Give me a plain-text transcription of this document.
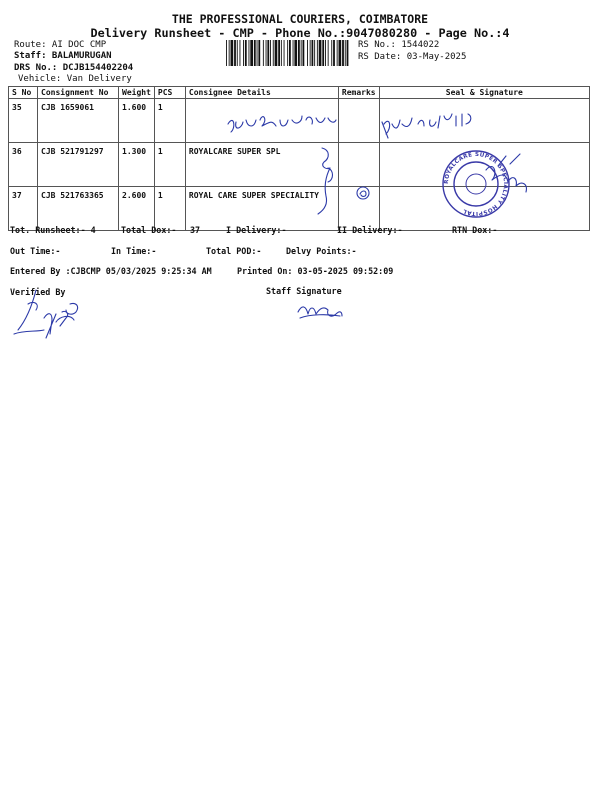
THE PROFESSIONAL COURIERS, COIMBATORE
Delivery Runsheet - CMP - Phone No.:9047080280 - Page No.:4
Route: AI DOC CMP
Staff: BALAMURUGAN
DRS No.: DCJB154402204
Vehicle: Van Delivery
RS No.: 1544022
RS Date: 03-May-2025
S No	Consignment No	Weight	PCS	Consignee Details	Remarks	Seal & Signature
35	CJB 1659061	1.600	1			
36	CJB 521791297	1.300	1	ROYALCARE SUPER SPL		
37	CJB 521763365	2.600	1	ROYAL CARE SUPER SPECIALITY		
Tot. Runsheet:- 4	Total Dox:- 37	I Delivery:-	II Delivery:-	RTN Dox:-
Out Time:-	In Time:-	Total POD:-	Delvy Points:-
Entered By :CJBCMP 05/03/2025 9:25:34 AM	Printed On: 03-05-2025 09:52:09
Verified By	Staff Signature
ROYALCARE SUPER SPECIALITY HOSPITAL
